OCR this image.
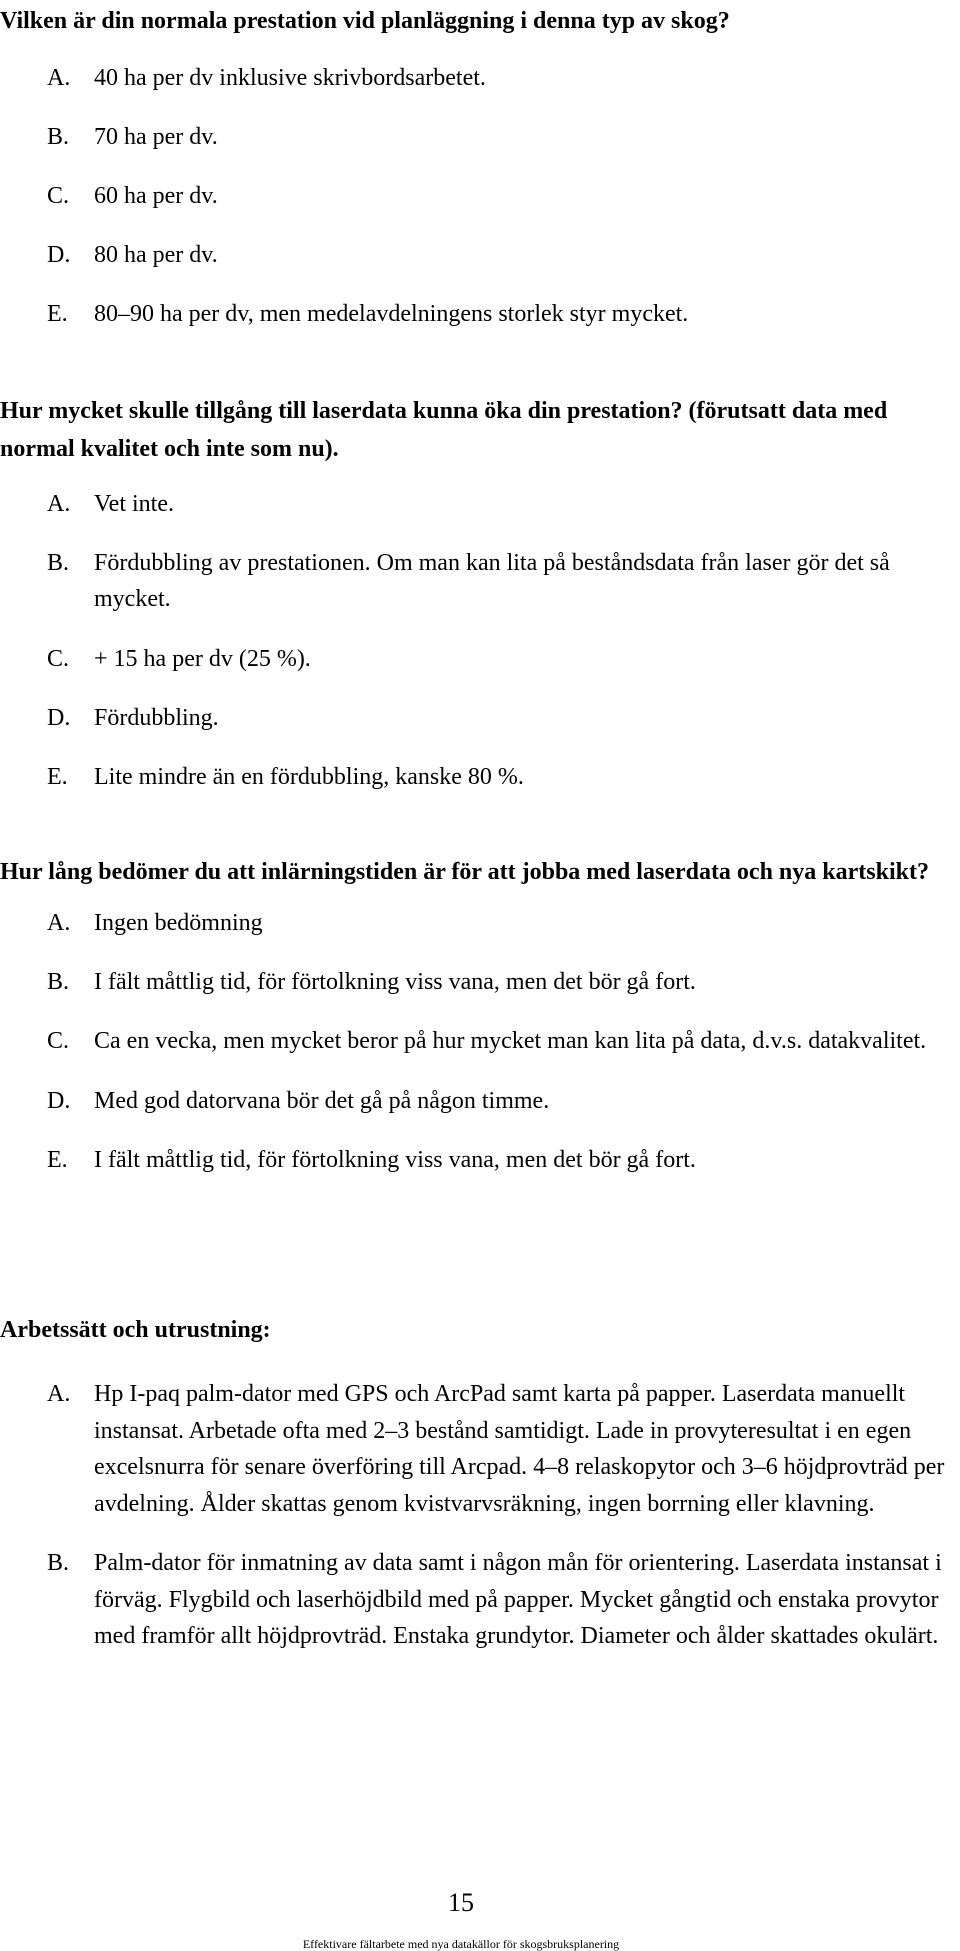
Vilken är din normala prestation vid planläggning i denna typ av skog?

A. 40 ha per dv inklusive skrivbordsarbetet.
B. 70 ha per dv.
C. 60 ha per dv.
D. 80 ha per dv.
E. 80–90 ha per dv, men medelavdelningens storlek styr mycket.

Hur mycket skulle tillgång till laserdata kunna öka din prestation? (förutsatt data med normal kvalitet och inte som nu).

A. Vet inte.
B. Fördubbling av prestationen. Om man kan lita på beståndsdata från laser gör det så mycket.
C. + 15 ha per dv (25 %).
D. Fördubbling.
E. Lite mindre än en fördubbling, kanske 80 %.

Hur lång bedömer du att inlärningstiden är för att jobba med laserdata och nya kartskikt?

A. Ingen bedömning
B. I fält måttlig tid, för förtolkning viss vana, men det bör gå fort.
C. Ca en vecka, men mycket beror på hur mycket man kan lita på data, d.v.s. datakvalitet.
D. Med god datorvana bör det gå på någon timme.
E. I fält måttlig tid, för förtolkning viss vana, men det bör gå fort.

Arbetssätt och utrustning:

A. Hp I-paq palm-dator med GPS och ArcPad samt karta på papper. Laserdata manuellt instansat. Arbetade ofta med 2–3 bestånd samtidigt. Lade in provyteresultat i en egen excelsnurra för senare överföring till Arcpad. 4–8 relaskopytor och 3–6 höjdprovträd per avdelning. Ålder skattas genom kvistvarvsräkning, ingen borrning eller klavning.
B. Palm-dator för inmatning av data samt i någon mån för orientering. Laserdata instansat i förväg. Flygbild och laserhöjdbild med på papper. Mycket gångtid och enstaka provytor med framför allt höjdprovträd. Enstaka grundytor. Diameter och ålder skattades okulärt.
15
Effektivare fältarbete med nya datakällor för skogsbruksplanering
